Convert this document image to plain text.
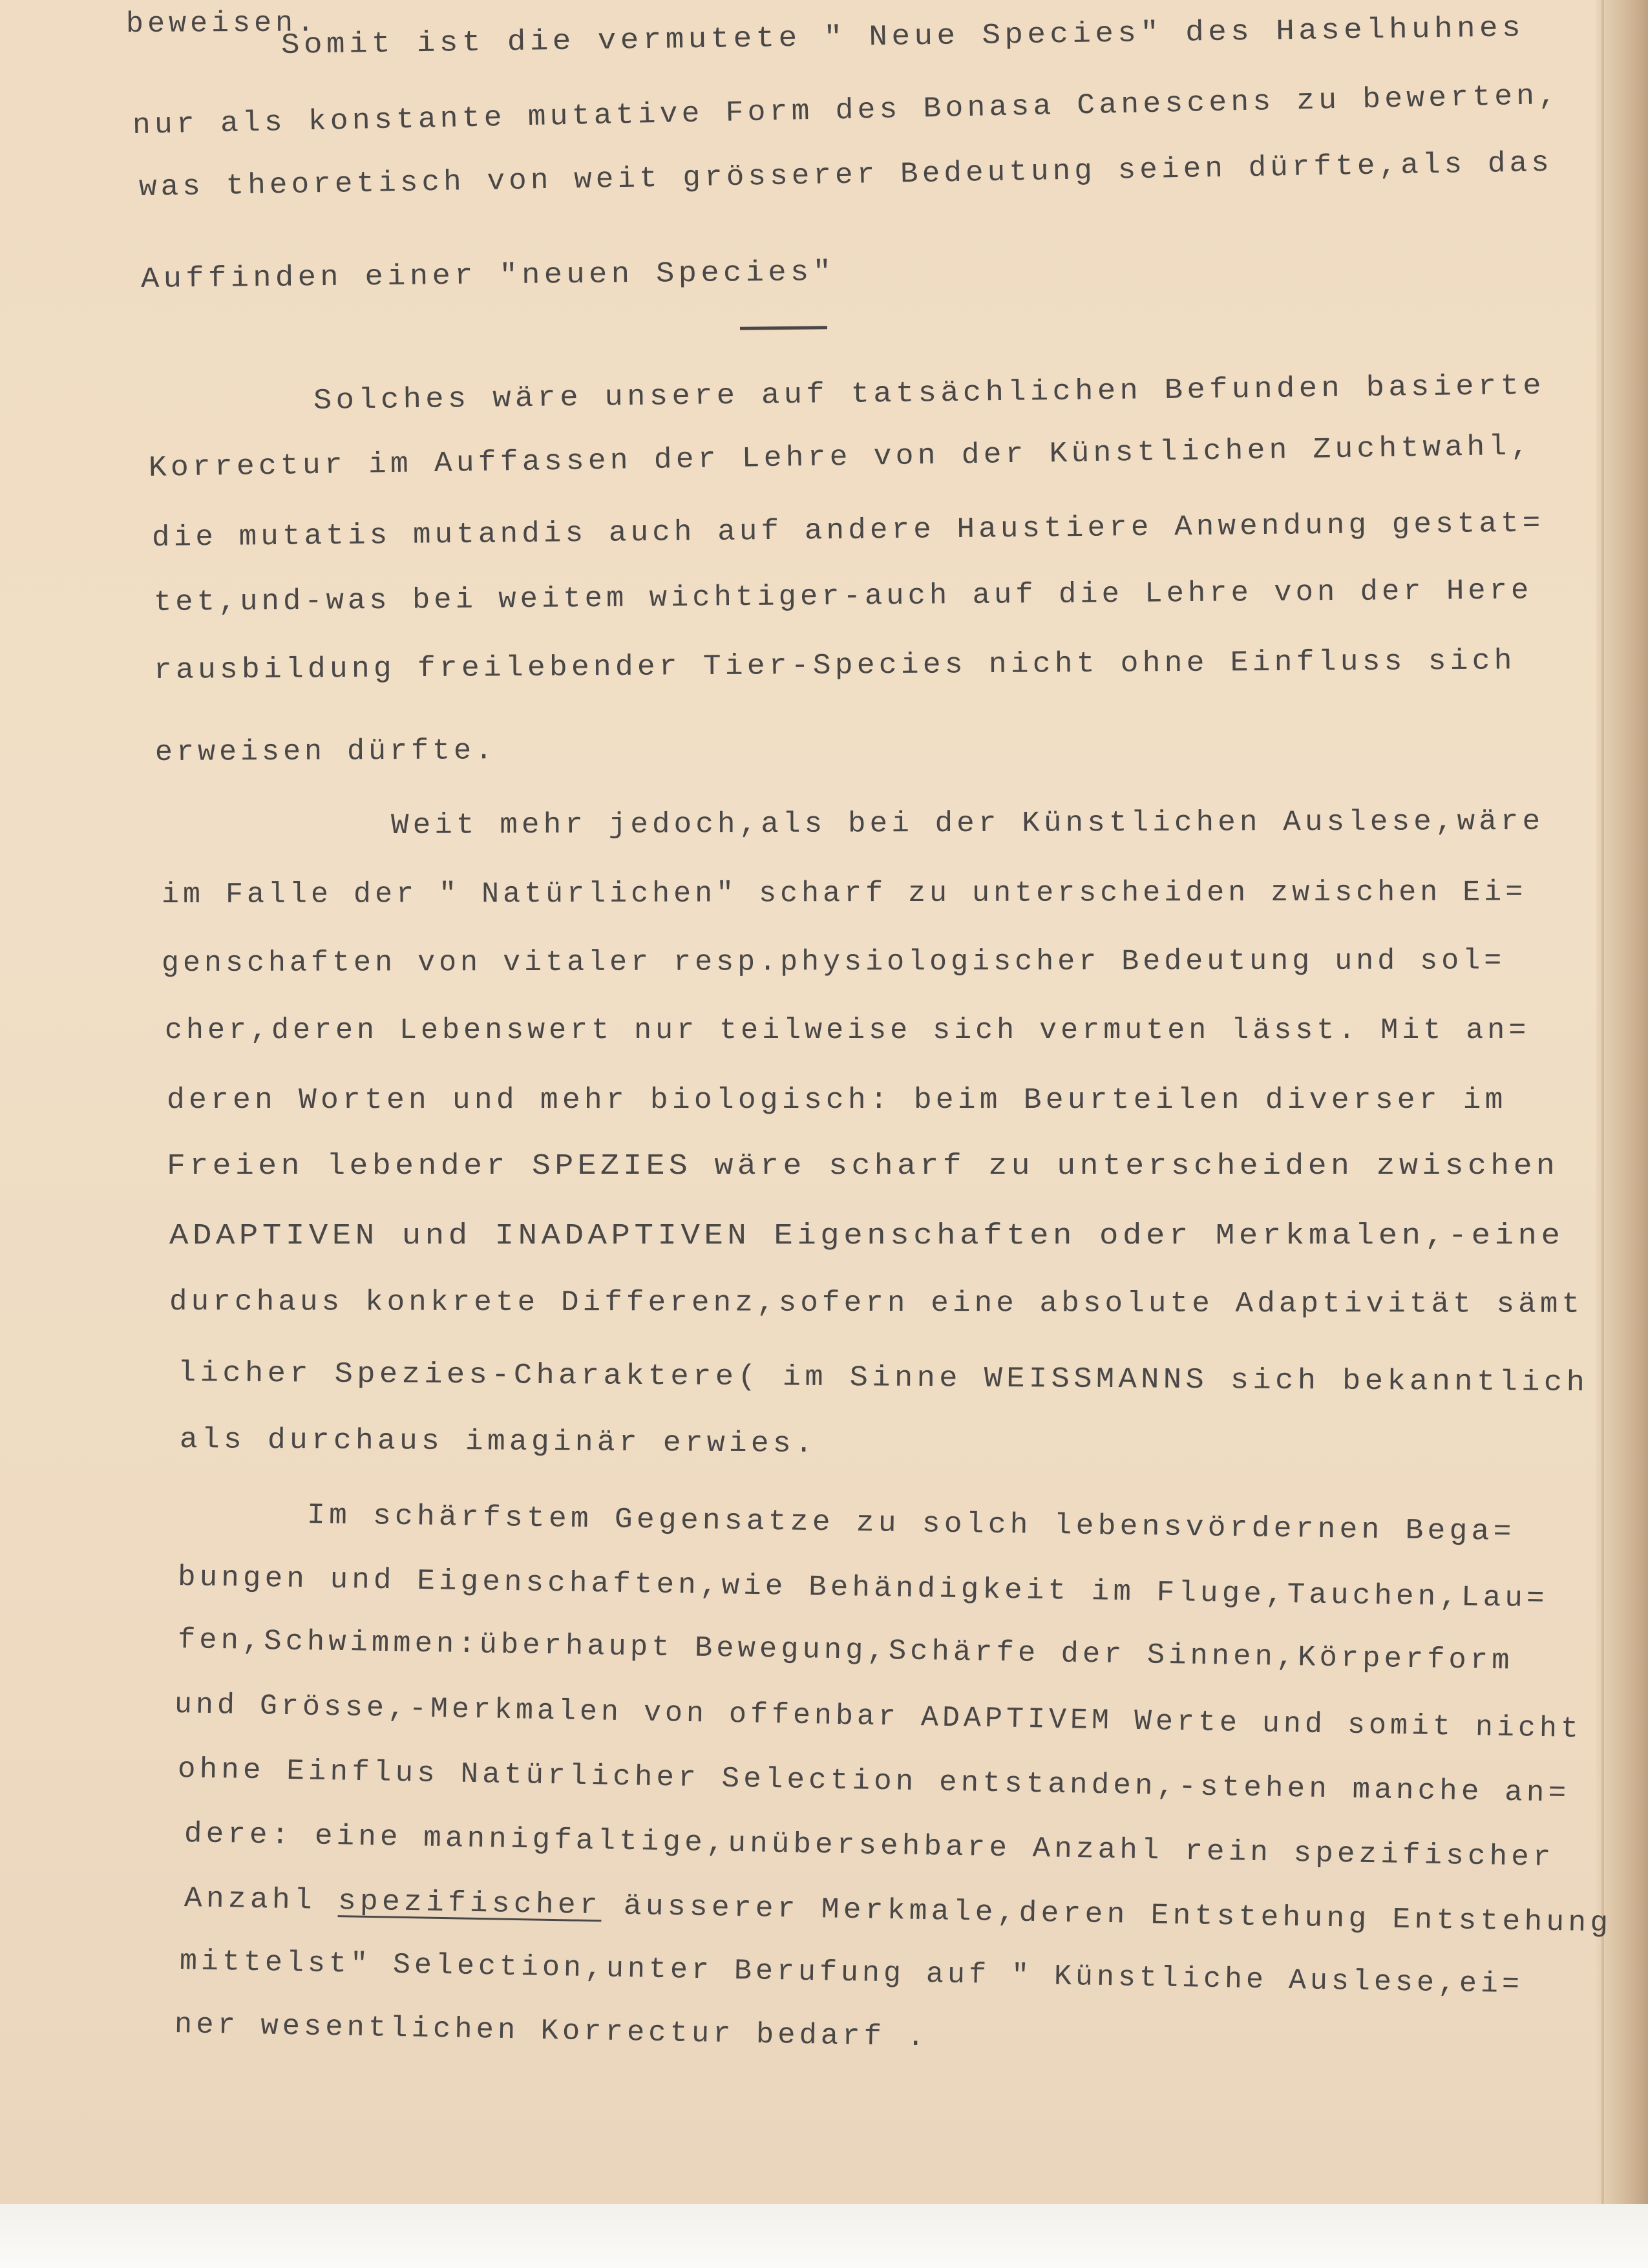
beweisen.
Somit ist die vermutete " Neue Species" des Haselhuhnes
nur als konstante mutative Form des Bonasa Canescens zu bewerten,
was theoretisch von weit grösserer Bedeutung seien dürfte,als das
Auffinden einer "neuen Species"
Solches wäre unsere auf tatsächlichen Befunden basierte
Korrectur im Auffassen der Lehre von der Künstlichen Zuchtwahl,
die mutatis mutandis auch auf andere Haustiere Anwendung gestat=
tet,und-was bei weitem wichtiger-auch auf die Lehre von der Here
rausbildung freilebender Tier-Species nicht ohne Einfluss sich
erweisen dürfte.
Weit mehr jedoch,als bei der Künstlichen Auslese,wäre
im Falle der " Natürlichen" scharf zu unterscheiden zwischen Ei=
genschaften von vitaler resp.physiologischer Bedeutung und sol=
cher,deren Lebenswert nur teilweise sich vermuten lässt. Mit an=
deren Worten und mehr biologisch: beim Beurteilen diverser im
Freien lebender SPEZIES wäre scharf zu unterscheiden zwischen
ADAPTIVEN und INADAPTIVEN Eigenschaften oder Merkmalen,-eine
durchaus konkrete Differenz,sofern eine absolute Adaptivität sämt
licher Spezies-Charaktere( im Sinne WEISSMANNS sich bekanntlich
als durchaus imaginär erwies.
Im schärfstem Gegensatze zu solch lebensvördernen Bega=
bungen und Eigenschaften,wie Behändigkeit im Fluge,Tauchen,Lau=
fen,Schwimmen:überhaupt Bewegung,Schärfe der Sinnen,Körperform
und Grösse,-Merkmalen von offenbar ADAPTIVEM Werte und somit nicht
ohne Einflus Natürlicher Selection entstanden,-stehen manche an=
dere: eine mannigfaltige,unübersehbare Anzahl rein spezifischer
Anzahl spezifischer äusserer Merkmale,deren Entstehung Entstehung
mittelst" Selection,unter Berufung auf " Künstliche Auslese,ei=
ner wesentlichen Korrectur bedarf .
